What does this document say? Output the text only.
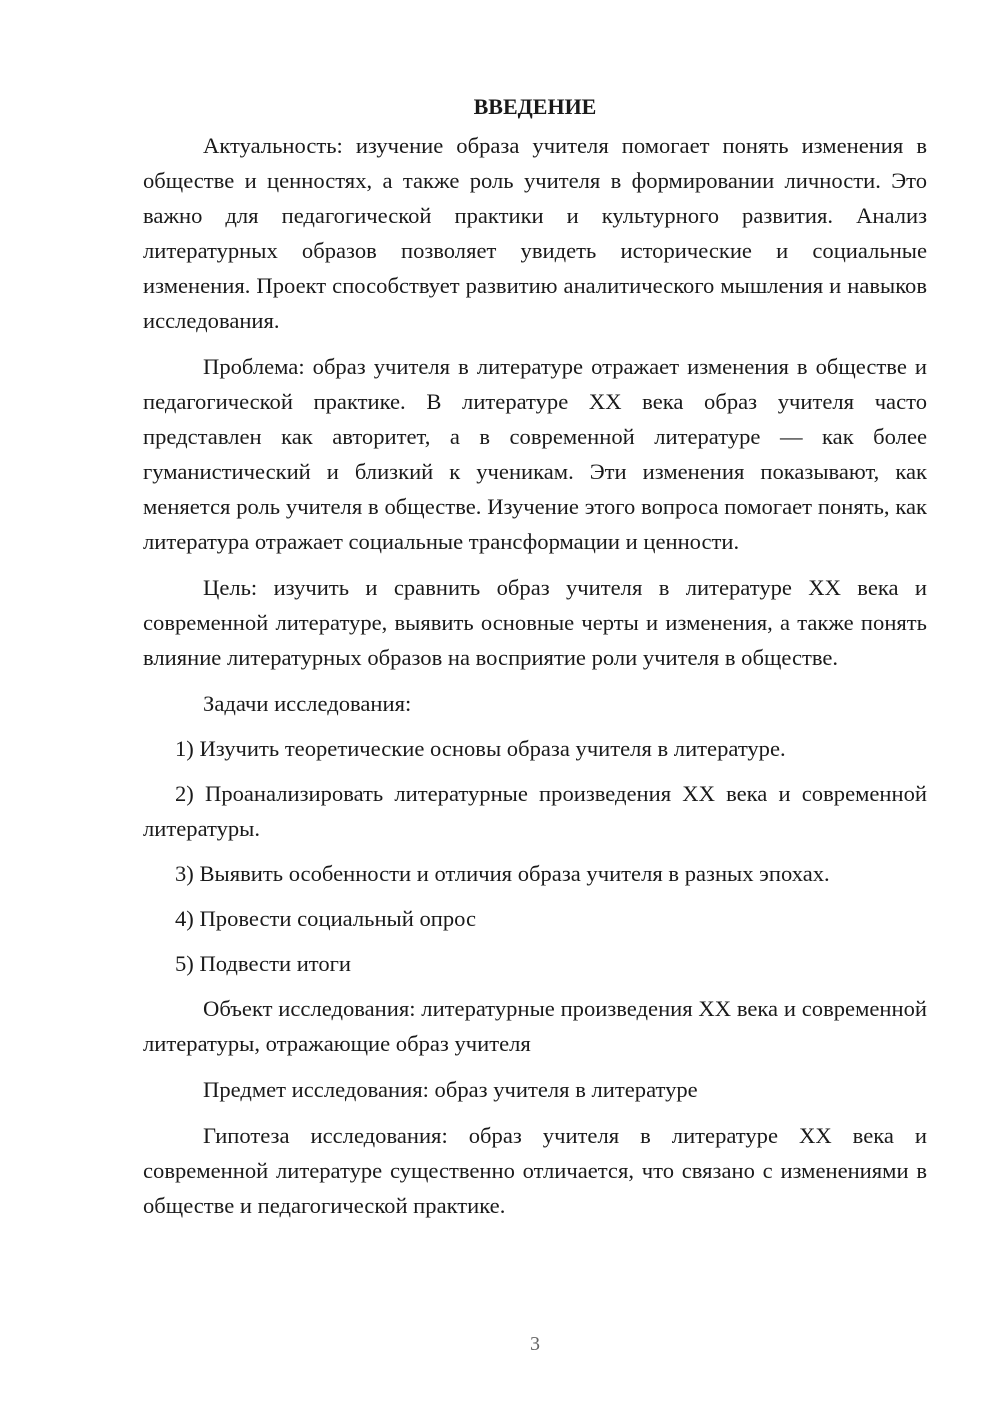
ВВЕДЕНИЕ

Актуальность: изучение образа учителя помогает понять изменения в обществе и ценностях, а также роль учителя в формировании личности. Это важно для педагогической практики и культурного развития. Анализ литературных образов позволяет увидеть исторические и социальные изменения. Проект способствует развитию аналитического мышления и навыков исследования.

Проблема: образ учителя в литературе отражает изменения в обществе и педагогической практике. В литературе XX века образ учителя часто представлен как авторитет, а в современной литературе — как более гуманистический и близкий к ученикам. Эти изменения показывают, как меняется роль учителя в обществе. Изучение этого вопроса помогает понять, как литература отражает социальные трансформации и ценности.

Цель: изучить и сравнить образ учителя в литературе XX века и современной литературе, выявить основные черты и изменения, а также понять влияние литературных образов на восприятие роли учителя в обществе.

Задачи исследования:

1) Изучить теоретические основы образа учителя в литературе.

2) Проанализировать литературные произведения XX века и современной литературы.

3) Выявить особенности и отличия образа учителя в разных эпохах.

4) Провести социальный опрос

5) Подвести итоги

Объект исследования: литературные произведения XX века и современной литературы, отражающие образ учителя

Предмет исследования: образ учителя в литературе

Гипотеза исследования: образ учителя в литературе XX века и современной литературе существенно отличается, что связано с изменениями в обществе и педагогической практике.

3
